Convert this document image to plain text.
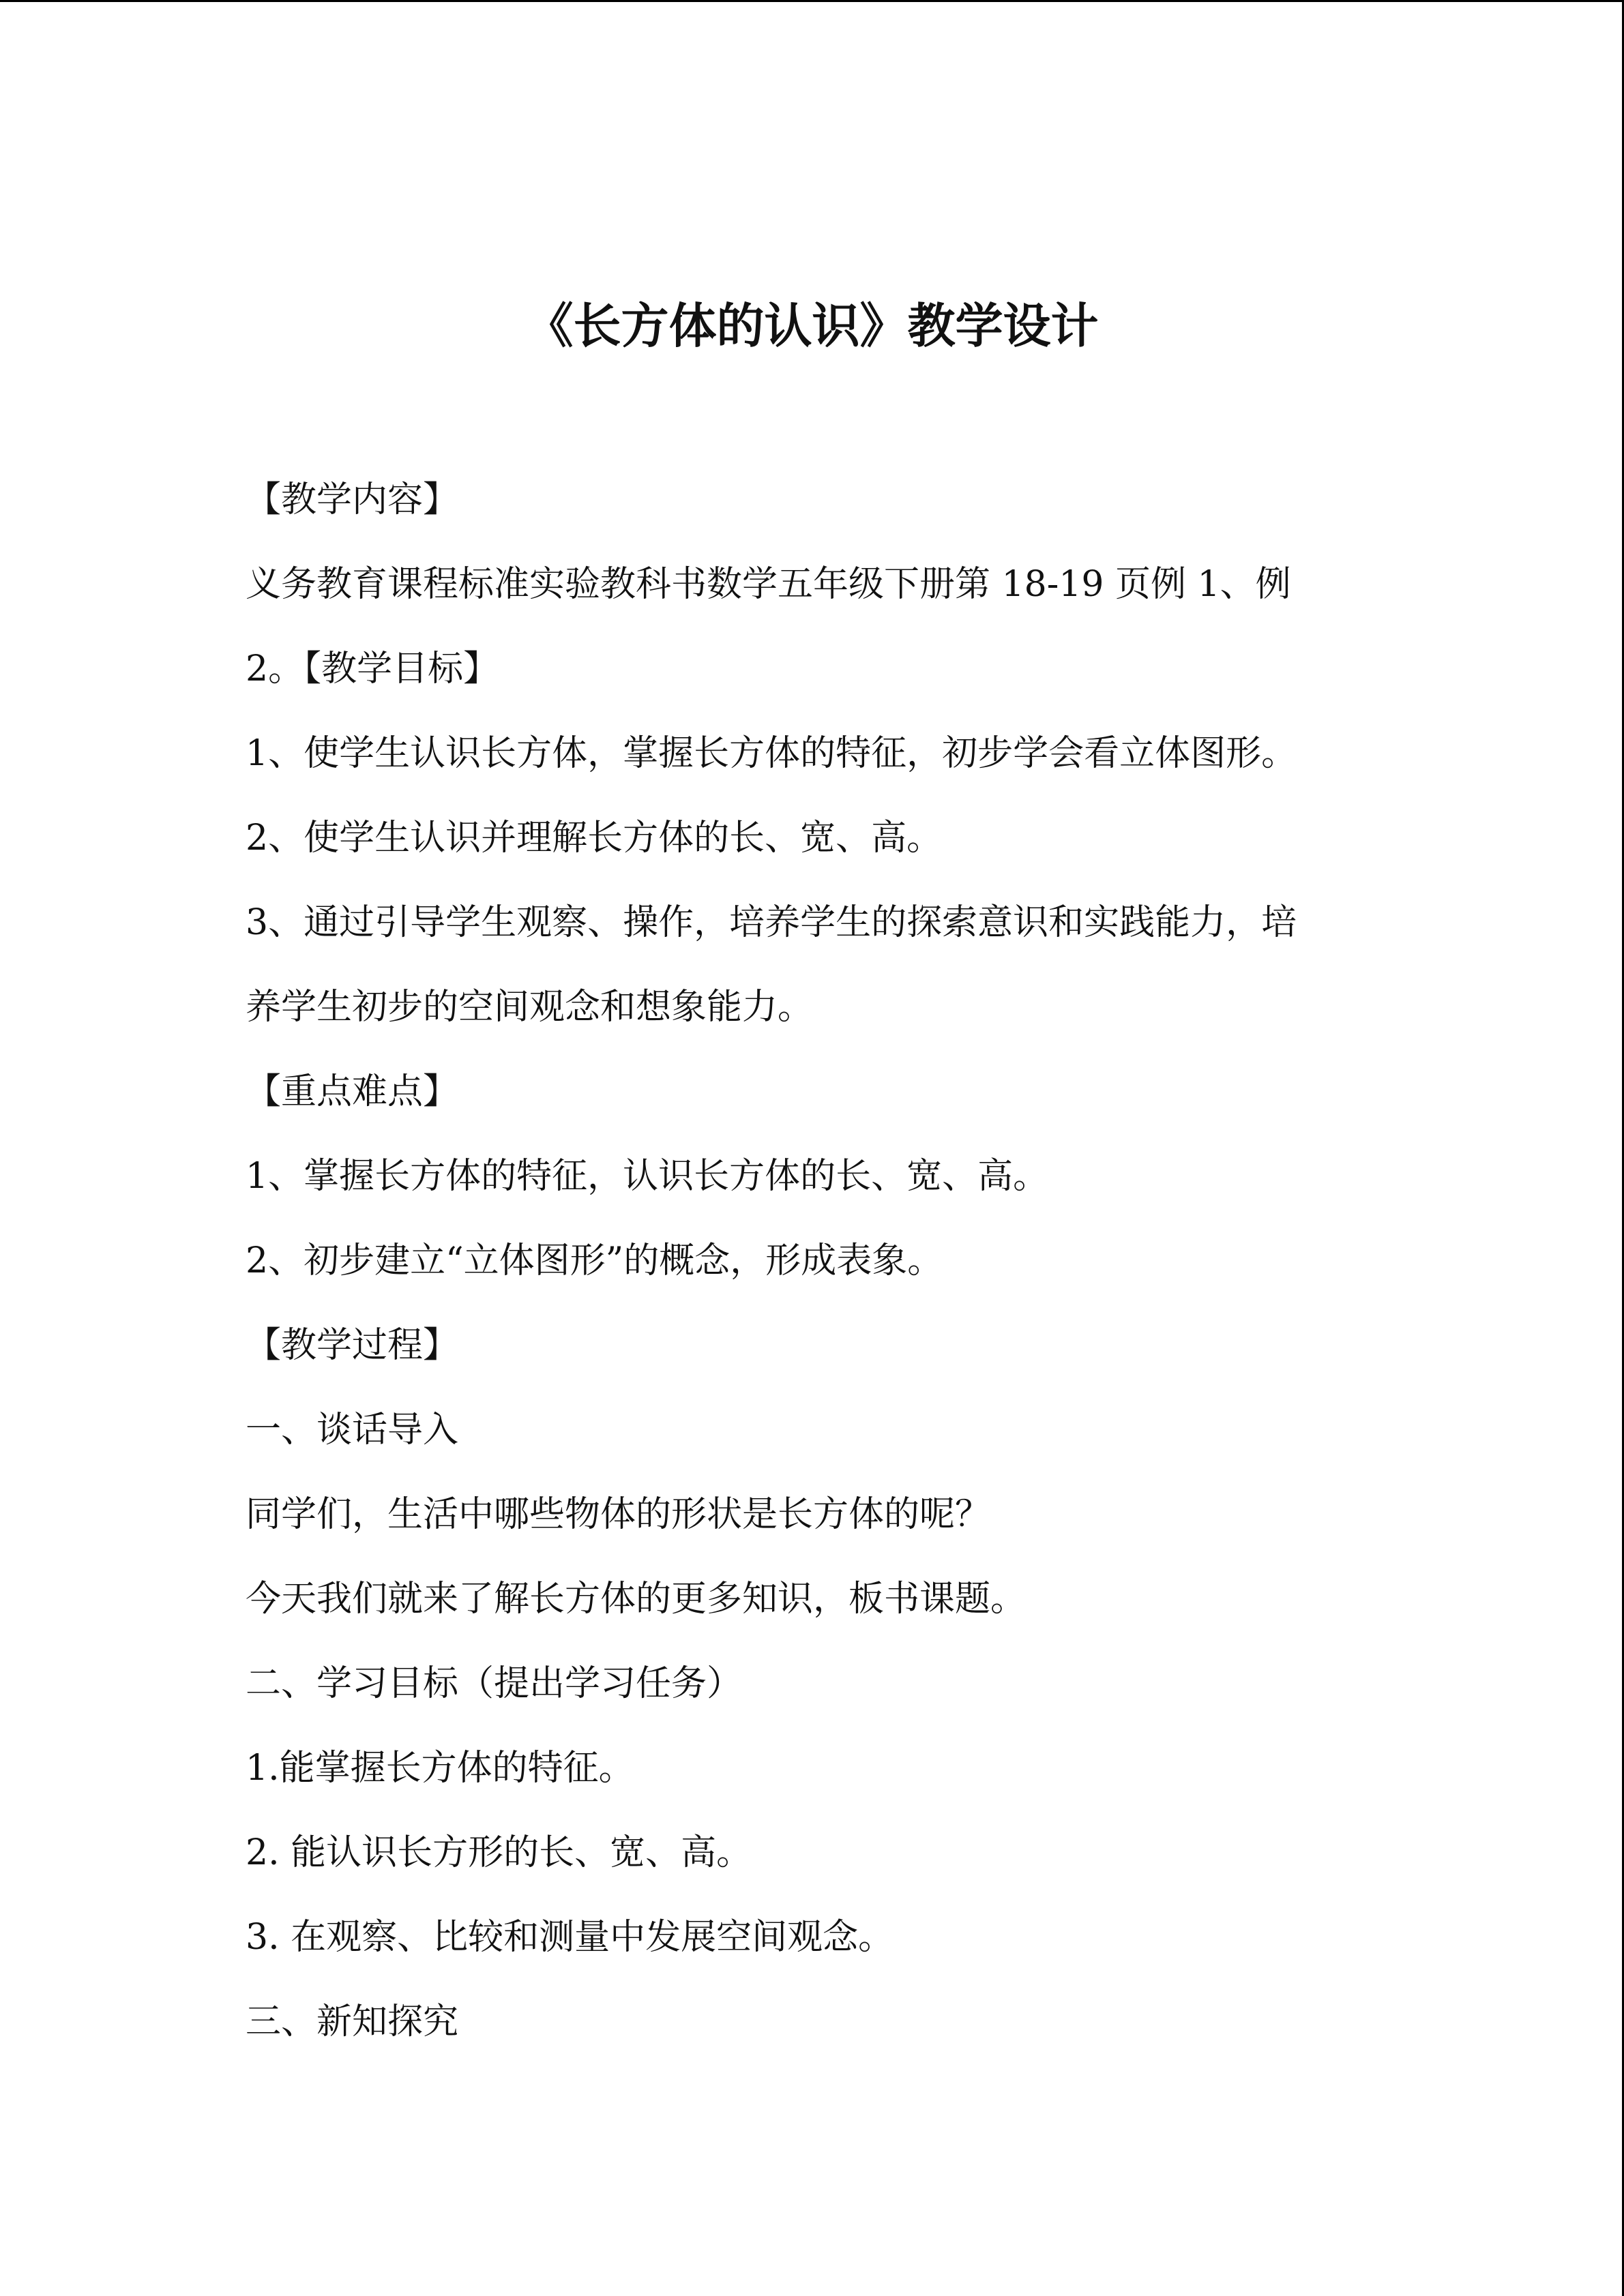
《长方体的认识》教学设计
【教学内容】
义务教育课程标准实验教科书数学五年级下册第 18-19 页例 1、例
2。【教学目标】
1、使学生认识长方体，掌握长方体的特征，初步学会看立体图形。
2、使学生认识并理解长方体的长、宽、高。
3、通过引导学生观察、操作，培养学生的探索意识和实践能力，培
养学生初步的空间观念和想象能力。
【重点难点】
1、掌握长方体的特征，认识长方体的长、宽、高。
2、初步建立“立体图形”的概念，形成表象。
【教学过程】
一、谈话导入
同学们，生活中哪些物体的形状是长方体的呢？
今天我们就来了解长方体的更多知识，板书课题。
二、学习目标（提出学习任务）
1.能掌握长方体的特征。
2. 能认识长方形的长、宽、高。
3. 在观察、比较和测量中发展空间观念。
三、新知探究
